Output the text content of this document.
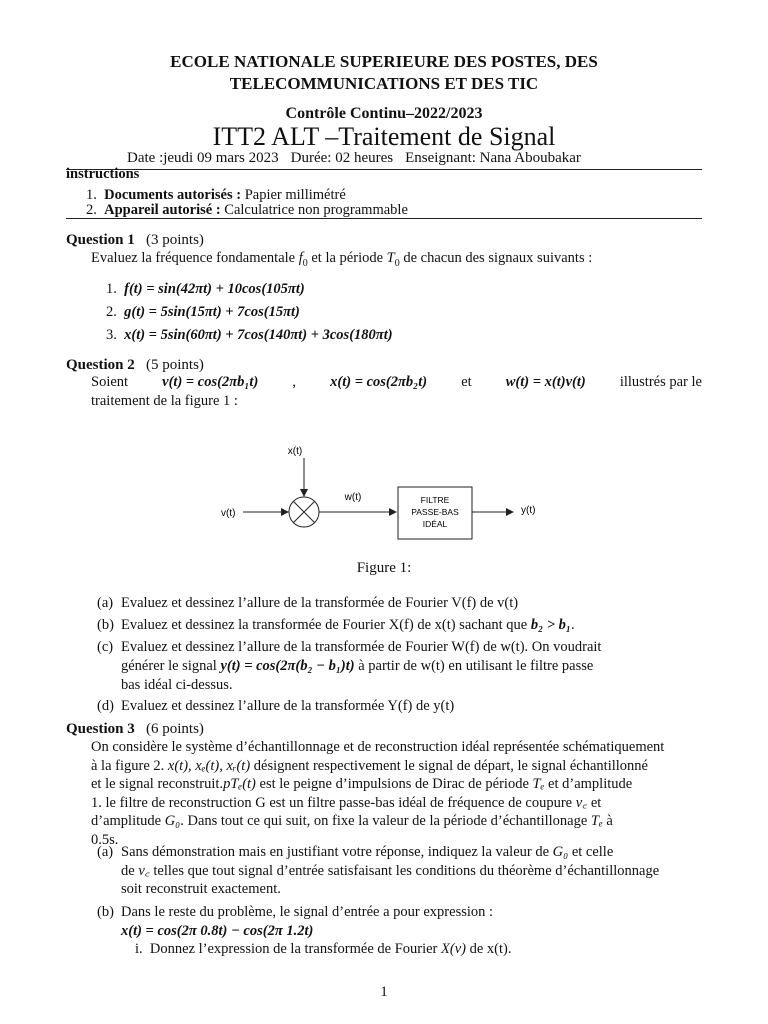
ECOLE NATIONALE SUPERIEURE DES POSTES, DES
TELECOMMUNICATIONS ET DES TIC
Contrôle Continu–2022/2023
ITT2 ALT –Traitement de Signal
Date :jeudi 09 mars 2023 Durée: 02 heures Enseignant: Nana Aboubakar
instructions
1. Documents autorisés : Papier millimétré
2. Appareil autorisé : Calculatrice non programmable
Question 1 (3 points)
Evaluez la fréquence fondamentale $f_0$ et la période $T_0$ de chacun des signaux suivants :
1. f(t) = sin(42πt) + 10cos(105πt)
2. g(t) = 5sin(15πt) + 7cos(15πt)
3. x(t) = 5sin(60πt) + 7cos(140πt) + 3cos(180πt)
Question 2 (5 points)
Soient v(t) = cos(2πb₁t) , x(t) = cos(2πb₂t) et w(t) = x(t)v(t) illustrés par le
traitement de la figure 1 :
x(t)
v(t)
w(t)	FILTRE
PASSE-BAS
IDÉAL
y(t)
Figure 1:
(a) Evaluez et dessinez l’allure de la transformée de Fourier V(f) de v(t)
(b) Evaluez et dessinez la transformée de Fourier X(f) de x(t) sachant que b₂ > b₁.
(c) Evaluez et dessinez l’allure de la transformée de Fourier W(f) de w(t). On voudrait
générer le signal y(t) = cos(2π(b₂ − b₁)t) à partir de w(t) en utilisant le filtre passe
bas idéal ci-dessus.
(d) Evaluez et dessinez l’allure de la transformée Y(f) de y(t)
Question 3 (6 points)
On considère le système d’échantillonnage et de reconstruction idéal représentée schématiquement
à la figure 2. x(t), xₑ(t), xᵣ(t) désignent respectivement le signal de départ, le signal échantillonné
et le signal reconstruit.pTₑ(t) est le peigne d’impulsions de Dirac de période Tₑ et d’amplitude
1. le filtre de reconstruction G est un filtre passe-bas idéal de fréquence de coupure ν꜀ et
d’amplitude G₀. Dans tout ce qui suit, on fixe la valeur de la période d’échantillonage Tₑ à
0.5s.
(a) Sans démonstration mais en justifiant votre réponse, indiquez la valeur de G₀ et celle
de ν꜀ telles que tout signal d’entrée satisfaisant les conditions du théorème d’échantillonnage
soit reconstruit exactement.
(b) Dans le reste du problème, le signal d’entrée a pour expression :
x(t) = cos(2π 0.8t) − cos(2π 1.2t)
i. Donnez l’expression de la transformée de Fourier X(ν) de x(t).
1
